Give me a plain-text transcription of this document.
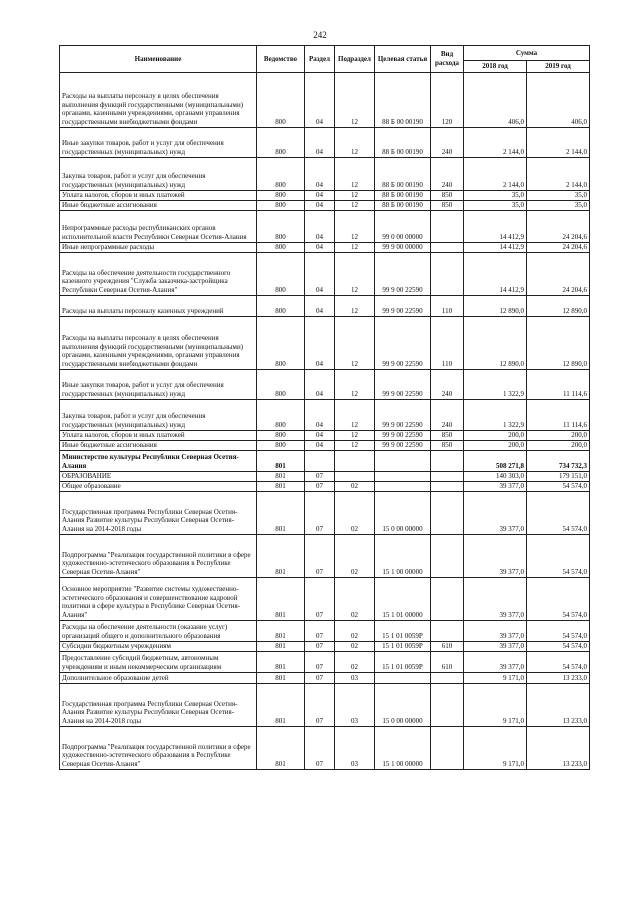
242
Наименование	Ведомство	Раздел	Подраздел	Целевая статья	Вид расхода	Сумма	
						2018 год	2019 год
Расходы на выплаты персоналу в целях обеспечения выполнения функций государственными (муниципальными) органами, казенными учреждениями, органами управления государственными внебюджетными фондами	800	04	12	88 Б 00 00190	120	406,0	406,0
Иные закупки товаров, работ и услуг для обеспечения государственных (муниципальных) нужд	800	04	12	88 Б 00 00190	240	2 144,0	2 144,0
Закупка товаров, работ и услуг для обеспечения государственных (муниципальных) нужд	800	04	12	88 Б 00 00190	240	2 144,0	2 144,0
Уплата налогов, сборов и иных платежей	800	04	12	88 Б 00 00190	850	35,0	35,0
Иные бюджетные ассигнования	800	04	12	88 Б 00 00190	850	35,0	35,0
Непрограммные расходы республиканских органов исполнительной власти Республики Северная Осетия-Алания	800	04	12	99 0 00 00000		14 412,9	24 204,6
Иные непрограммные расходы	800	04	12	99 9 00 00000		14 412,9	24 204,6
Расходы на обеспечение деятельности государственного казенного учреждения "Служба заказчика-застройщика Республики Северная Осетия-Алания"	800	04	12	99 9 00 22590		14 412,9	24 204,6
Расходы на выплаты персоналу казенных учреждений	800	04	12	99 9 00 22590	110	12 890,0	12 890,0
Расходы на выплаты персоналу в целях обеспечения выполнения функций государственными (муниципальными) органами, казенными учреждениями, органами управления государственными внебюджетными фондами	800	04	12	99 9 00 22590	110	12 890,0	12 890,0
Иные закупки товаров, работ и услуг для обеспечения государственных (муниципальных) нужд	800	04	12	99 9 00 22590	240	1 322,9	11 114,6
Закупка товаров, работ и услуг для обеспечения государственных (муниципальных) нужд	800	04	12	99 9 00 22590	240	1 322,9	11 114,6
Уплата налогов, сборов и иных платежей	800	04	12	99 9 00 22590	850	200,0	200,0
Иные бюджетные ассигнования	800	04	12	99 9 00 22590	850	200,0	200,0
Министерство культуры Республики Северная Осетия-Алания	801					508 271,8	734 732,3
ОБРАЗОВАНИЕ	801	07				140 303,0	179 151,0
Общее образование	801	07	02			39 377,0	54 574,0
Государственная программа Республики Северная Осетия-Алания Развитие культуры Республики Северная Осетия-Алания на 2014-2018 годы	801	07	02	15 0 00 00000		39 377,0	54 574,0
Подпрограмма "Реализация государственной политики в сфере художественно-эстетического образования в Республике Северная Осетия-Алания"	801	07	02	15 1 00 00000		39 377,0	54 574,0
Основное мероприятие "Развитие системы художественно-эстетического образования и совершенствование кадровой политики в сфере культуры в Республике Северная Осетия-Алания"	801	07	02	15 1 01 00000		39 377,0	54 574,0
Расходы на обеспечение деятельности (оказание услуг) организаций общего и дополнительного образования	801	07	02	15 1 01 0059Р		39 377,0	54 574,0
Субсидии бюджетным учреждениям	801	07	02	15 1 01 0059Р	610	39 377,0	54 574,0
Предоставление субсидий бюджетным, автономным учреждениям и иным некоммерческим организациям	801	07	02	15 1 01 0059Р	610	39 377,0	54 574,0
Дополнительное образование детей	801	07	03			9 171,0	13 233,0
Государственная программа Республики Северная Осетия-Алания Развитие культуры Республики Северная Осетия-Алания на 2014-2018 годы	801	07	03	15 0 00 00000		9 171,0	13 233,0
Подпрограмма "Реализация государственной политики в сфере художественно-эстетического образования в Республике Северная Осетия-Алания"	801	07	03	15 1 00 00000		9 171,0	13 233,0
